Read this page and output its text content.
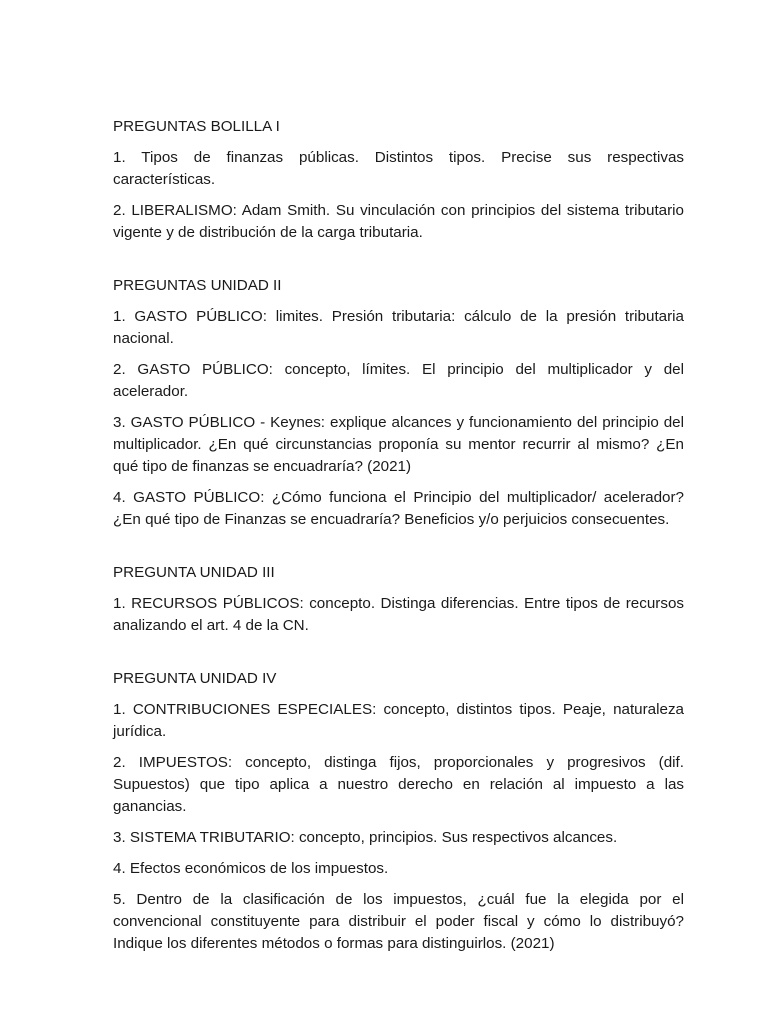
PREGUNTAS BOLILLA I

1. Tipos de finanzas públicas. Distintos tipos. Precise sus respectivas características.

2. LIBERALISMO: Adam Smith. Su vinculación con principios del sistema tributario vigente y de distribución de la carga tributaria.

PREGUNTAS UNIDAD II

1. GASTO PÚBLICO: limites. Presión tributaria: cálculo de la presión tributaria nacional.

2. GASTO PÚBLICO: concepto, límites. El principio del multiplicador y del acelerador.

3. GASTO PÚBLICO - Keynes: explique alcances y funcionamiento del principio del multiplicador. ¿En qué circunstancias proponía su mentor recurrir al mismo? ¿En qué tipo de finanzas se encuadraría? (2021)

4. GASTO PÚBLICO: ¿Cómo funciona el Principio del multiplicador/ acelerador? ¿En qué tipo de Finanzas se encuadraría? Beneficios y/o perjuicios consecuentes.

PREGUNTA UNIDAD III

1. RECURSOS PÚBLICOS: concepto. Distinga diferencias. Entre tipos de recursos analizando el art. 4 de la CN.

PREGUNTA UNIDAD IV

1. CONTRIBUCIONES ESPECIALES: concepto, distintos tipos. Peaje, naturaleza jurídica.

2. IMPUESTOS: concepto, distinga fijos, proporcionales y progresivos (dif. Supuestos) que tipo aplica a nuestro derecho en relación al impuesto a las ganancias.

3. SISTEMA TRIBUTARIO: concepto, principios. Sus respectivos alcances.

4. Efectos económicos de los impuestos.

5. Dentro de la clasificación de los impuestos, ¿cuál fue la elegida por el convencional constituyente para distribuir el poder fiscal y cómo lo distribuyó? Indique los diferentes métodos o formas para distinguirlos. (2021)
